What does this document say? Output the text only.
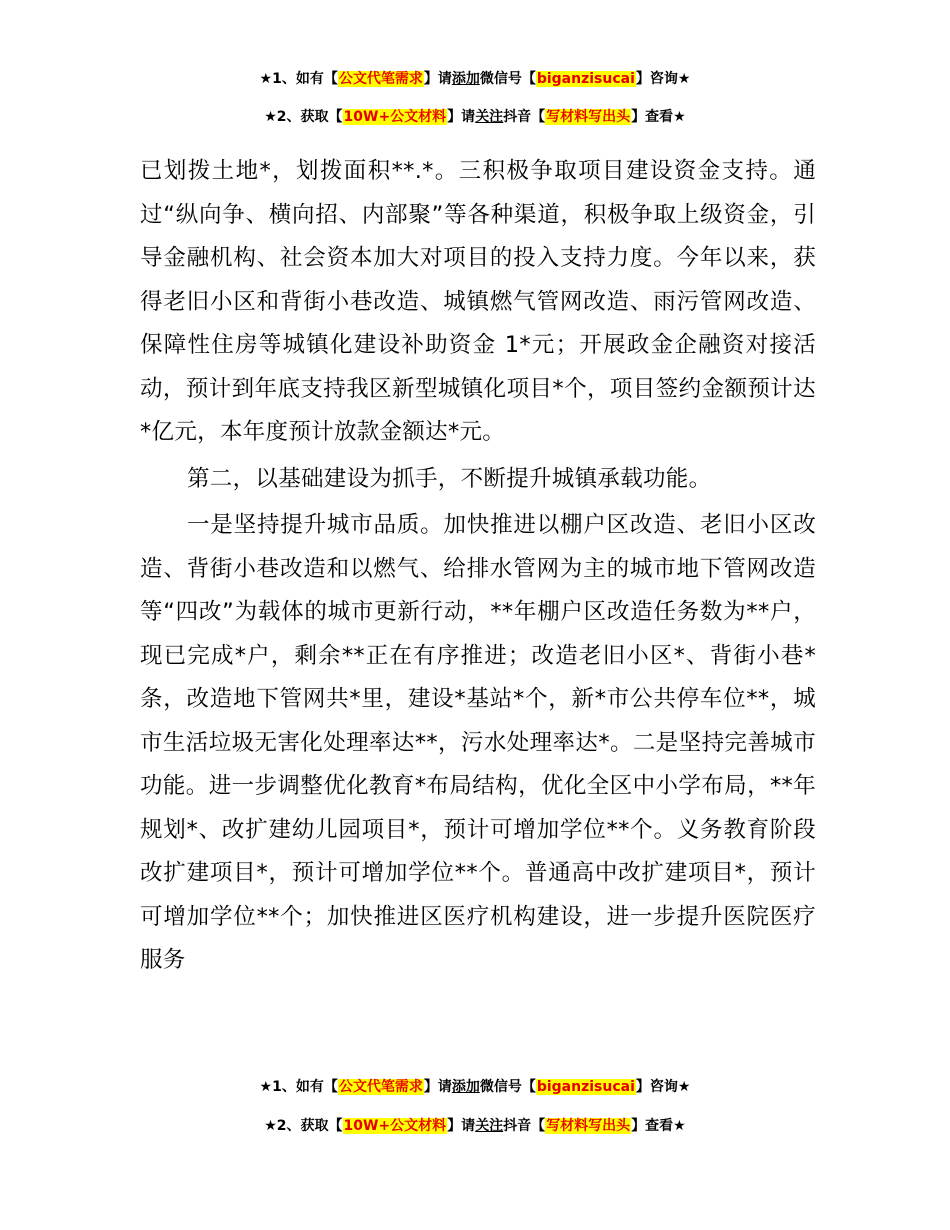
★1、如有【公文代笔需求】请添加微信号【biganzisucai】咨询★
★2、获取【10W+公文材料】请关注抖音【写材料写出头】查看★

已划拨土地*，划拨面积**.*。三积极争取项目建设资金支持。通过“纵向争、横向招、内部聚”等各种渠道，积极争取上级资金，引导金融机构、社会资本加大对项目的投入支持力度。今年以来，获得老旧小区和背街小巷改造、城镇燃气管网改造、雨污管网改造、保障性住房等城镇化建设补助资金 1*元；开展政金企融资对接活动，预计到年底支持我区新型城镇化项目*个，项目签约金额预计达*亿元，本年度预计放款金额达*元。

第二，以基础建设为抓手，不断提升城镇承载功能。

一是坚持提升城市品质。加快推进以棚户区改造、老旧小区改造、背街小巷改造和以燃气、给排水管网为主的城市地下管网改造等“四改”为载体的城市更新行动，**年棚户区改造任务数为**户，现已完成*户，剩余**正在有序推进；改造老旧小区*、背街小巷*条，改造地下管网共*里，建设*基站*个，新*市公共停车位**，城市生活垃圾无害化处理率达**，污水处理率达*。二是坚持完善城市功能。进一步调整优化教育*布局结构，优化全区中小学布局，**年规划*、改扩建幼儿园项目*，预计可增加学位**个。义务教育阶段改扩建项目*，预计可增加学位**个。普通高中改扩建项目*，预计可增加学位**个；加快推进区医疗机构建设，进一步提升医院医疗服务

★1、如有【公文代笔需求】请添加微信号【biganzisucai】咨询★
★2、获取【10W+公文材料】请关注抖音【写材料写出头】查看★
